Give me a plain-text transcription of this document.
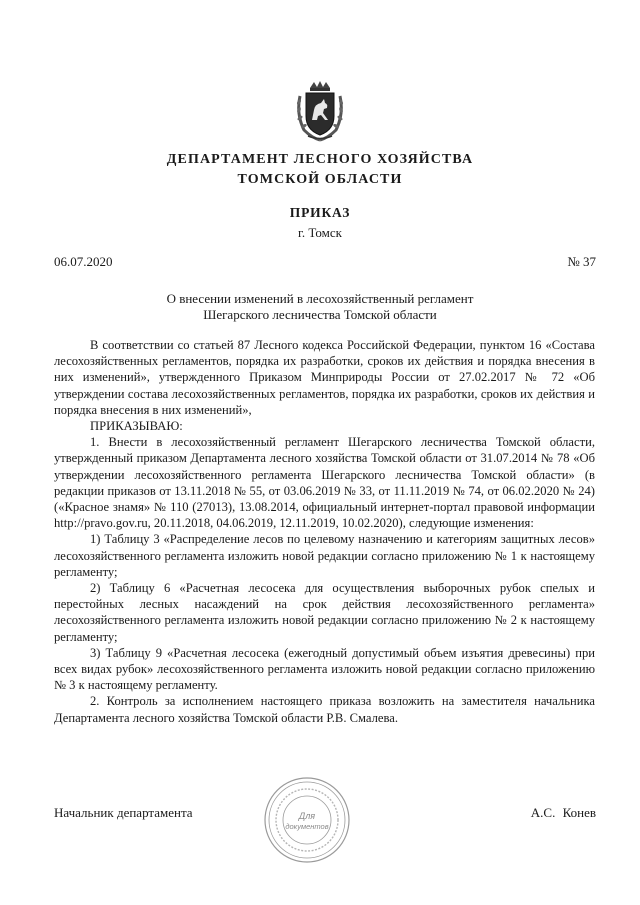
ДЕПАРТАМЕНТ ЛЕСНОГО ХОЗЯЙСТВА
ТОМСКОЙ ОБЛАСТИ
ПРИКАЗ
г. Томск
06.07.2020	№ 37
О внесении изменений в лесохозяйственный регламент
Шегарского лесничества Томской области

В соответствии со статьей 87 Лесного кодекса Российской Федерации, пунктом 16 «Состава лесохозяйственных регламентов, порядка их разработки, сроков их действия и порядка внесения в них изменений», утвержденного Приказом Минприроды России от 27.02.2017 № 72 «Об утверждении состава лесохозяйственных регламентов, порядка их разработки, сроков их действия и порядка внесения в них изменений»,

ПРИКАЗЫВАЮ:

1. Внести в лесохозяйственный регламент Шегарского лесничества Томской области, утвержденный приказом Департамента лесного хозяйства Томской области от 31.07.2014 № 78 «Об утверждении лесохозяйственного регламента Шегарского лесничества Томской области» (в редакции приказов от 13.11.2018 № 55, от 03.06.2019 № 33, от 11.11.2019 № 74, от 06.02.2020 № 24) («Красное знамя» № 110 (27013), 13.08.2014, официальный интернет-портал правовой информации http://pravo.gov.ru, 20.11.2018, 04.06.2019, 12.11.2019, 10.02.2020), следующие изменения:

1) Таблицу 3 «Распределение лесов по целевому назначению и категориям защитных лесов» лесохозяйственного регламента изложить новой редакции согласно приложению № 1 к настоящему регламенту;

2) Таблицу 6 «Расчетная лесосека для осуществления выборочных рубок спелых и перестойных лесных насаждений на срок действия лесохозяйственного регламента» лесохозяйственного регламента изложить новой редакции согласно приложению № 2 к настоящему регламенту;

3) Таблицу 9 «Расчетная лесосека (ежегодный допустимый объем изъятия древесины) при всех видах рубок» лесохозяйственного регламента изложить новой редакции согласно приложению № 3 к настоящему регламенту.

2. Контроль за исполнением настоящего приказа возложить на заместителя начальника Департамента лесного хозяйства Томской области Р.В. Смалева.

Начальник департамента	А.С. Конев
Для
документов
